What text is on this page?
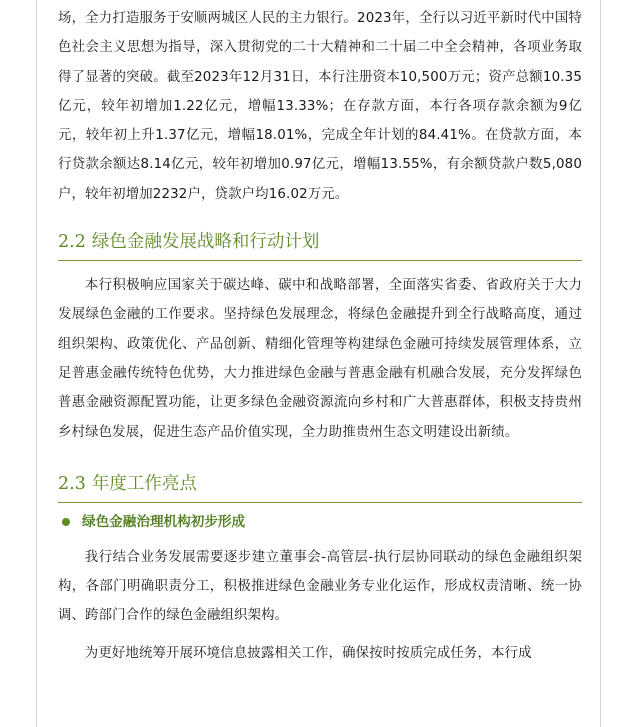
场，全力打造服务于安顺两城区人民的主力银行。2023年，全行以习近平新时代中国特色社会主义思想为指导，深入贯彻党的二十大精神和二十届二中全会精神，各项业务取得了显著的突破。截至2023年12月31日，本行注册资本10,500万元；资产总额10.35亿元，较年初增加1.22亿元，增幅13.33%；在存款方面，本行各项存款余额为9亿元，较年初上升1.37亿元，增幅18.01%，完成全年计划的84.41%。在贷款方面，本行贷款余额达8.14亿元，较年初增加0.97亿元，增幅13.55%，有余额贷款户数5,080户，较年初增加2232户，贷款户均16.02万元。

2.2 绿色金融发展战略和行动计划

本行积极响应国家关于碳达峰、碳中和战略部署，全面落实省委、省政府关于大力发展绿色金融的工作要求。坚持绿色发展理念，将绿色金融提升到全行战略高度，通过组织架构、政策优化、产品创新、精细化管理等构建绿色金融可持续发展管理体系，立足普惠金融传统特色优势，大力推进绿色金融与普惠金融有机融合发展，充分发挥绿色普惠金融资源配置功能，让更多绿色金融资源流向乡村和广大普惠群体，积极支持贵州乡村绿色发展，促进生态产品价值实现，全力助推贵州生态文明建设出新绩。

2.3 年度工作亮点
绿色金融治理机构初步形成

我行结合业务发展需要逐步建立董事会-高管层-执行层协同联动的绿色金融组织架构，各部门明确职责分工，积极推进绿色金融业务专业化运作，形成权责清晰、统一协调、跨部门合作的绿色金融组织架构。

为更好地统筹开展环境信息披露相关工作，确保按时按质完成任务，本行成
